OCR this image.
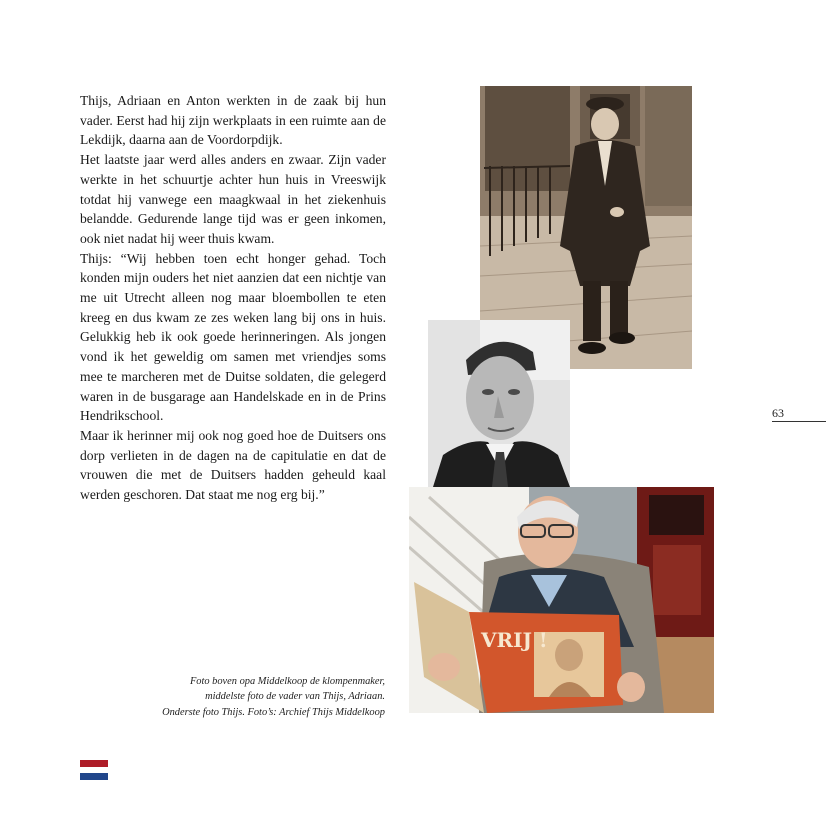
Thijs, Adriaan en Anton werkten in de zaak bij hun vader. Eerst had hij zijn werkplaats in een ruimte aan de Lekdijk, daarna aan de Voordorpdijk.

Het laatste jaar werd alles anders en zwaar. Zijn vader werkte in het schuurtje achter hun huis in Vreeswijk totdat hij vanwege een maagkwaal in het ziekenhuis belandde. Gedurende lange tijd was er geen inkomen, ook niet nadat hij weer thuis kwam.

Thijs: “Wij hebben toen echt honger gehad. Toch konden mijn ouders het niet aanzien dat een nichtje van me uit Utrecht alleen nog maar bloembollen te eten kreeg en dus kwam ze zes weken lang bij ons in huis. Gelukkig heb ik ook goede herinneringen. Als jongen vond ik het geweldig om samen met vriendjes soms mee te marcheren met de Duitse soldaten, die gelegerd waren in de busgarage aan Handelskade en in de Prins Hendrikschool.

Maar ik herinner mij ook nog goed hoe de Duitsers ons dorp verlieten in de dagen na de capitulatie en dat de vrouwen die met de Duitsers hadden geheuld kaal werden geschoren. Dat staat me nog erg bij.”

Foto boven opa Middelkoop de klompenmaker,

middelste foto de vader van Thijs, Adriaan.

Onderste foto Thijs. Foto’s: Archief Thijs Middelkoop

63
VRIJ !
